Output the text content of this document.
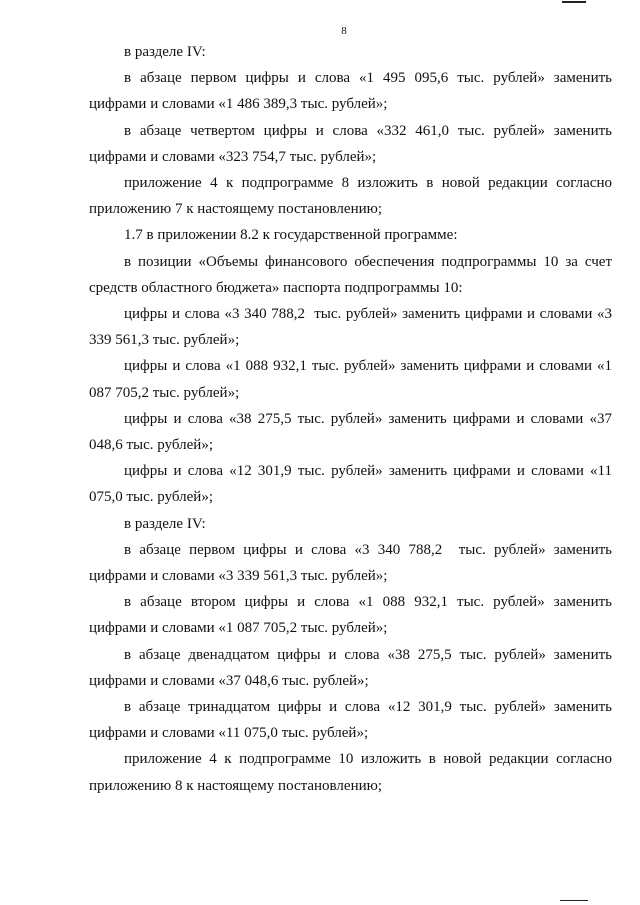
8

в разделе IV:

в абзаце первом цифры и слова «1 495 095,6 тыс. рублей» заменить цифрами и словами «1 486 389,3 тыс. рублей»;

в абзаце четвертом цифры и слова «332 461,0 тыс. рублей» заменить цифрами и словами «323 754,7 тыс. рублей»;

приложение 4 к подпрограмме 8 изложить в новой редакции согласно приложению 7 к настоящему постановлению;

1.7 в приложении 8.2 к государственной программе:

в позиции «Объемы финансового обеспечения подпрограммы 10 за счет средств областного бюджета» паспорта подпрограммы 10:

цифры и слова «3 340 788,2  тыс. рублей» заменить цифрами и словами «3 339 561,3 тыс. рублей»;

цифры и слова «1 088 932,1 тыс. рублей» заменить цифрами и словами «1 087 705,2 тыс. рублей»;

цифры и слова «38 275,5 тыс. рублей» заменить цифрами и словами «37 048,6 тыс. рублей»;

цифры и слова «12 301,9 тыс. рублей» заменить цифрами и словами «11 075,0 тыс. рублей»;

в разделе IV:

в абзаце первом цифры и слова «3 340 788,2  тыс. рублей» заменить цифрами и словами «3 339 561,3 тыс. рублей»;

в абзаце втором цифры и слова «1 088 932,1 тыс. рублей» заменить цифрами и словами «1 087 705,2 тыс. рублей»;

в абзаце двенадцатом цифры и слова «38 275,5 тыс. рублей» заменить цифрами и словами «37 048,6 тыс. рублей»;

в абзаце тринадцатом цифры и слова «12 301,9 тыс. рублей» заменить цифрами и словами «11 075,0 тыс. рублей»;

приложение 4 к подпрограмме 10 изложить в новой редакции согласно приложению 8 к настоящему постановлению;
